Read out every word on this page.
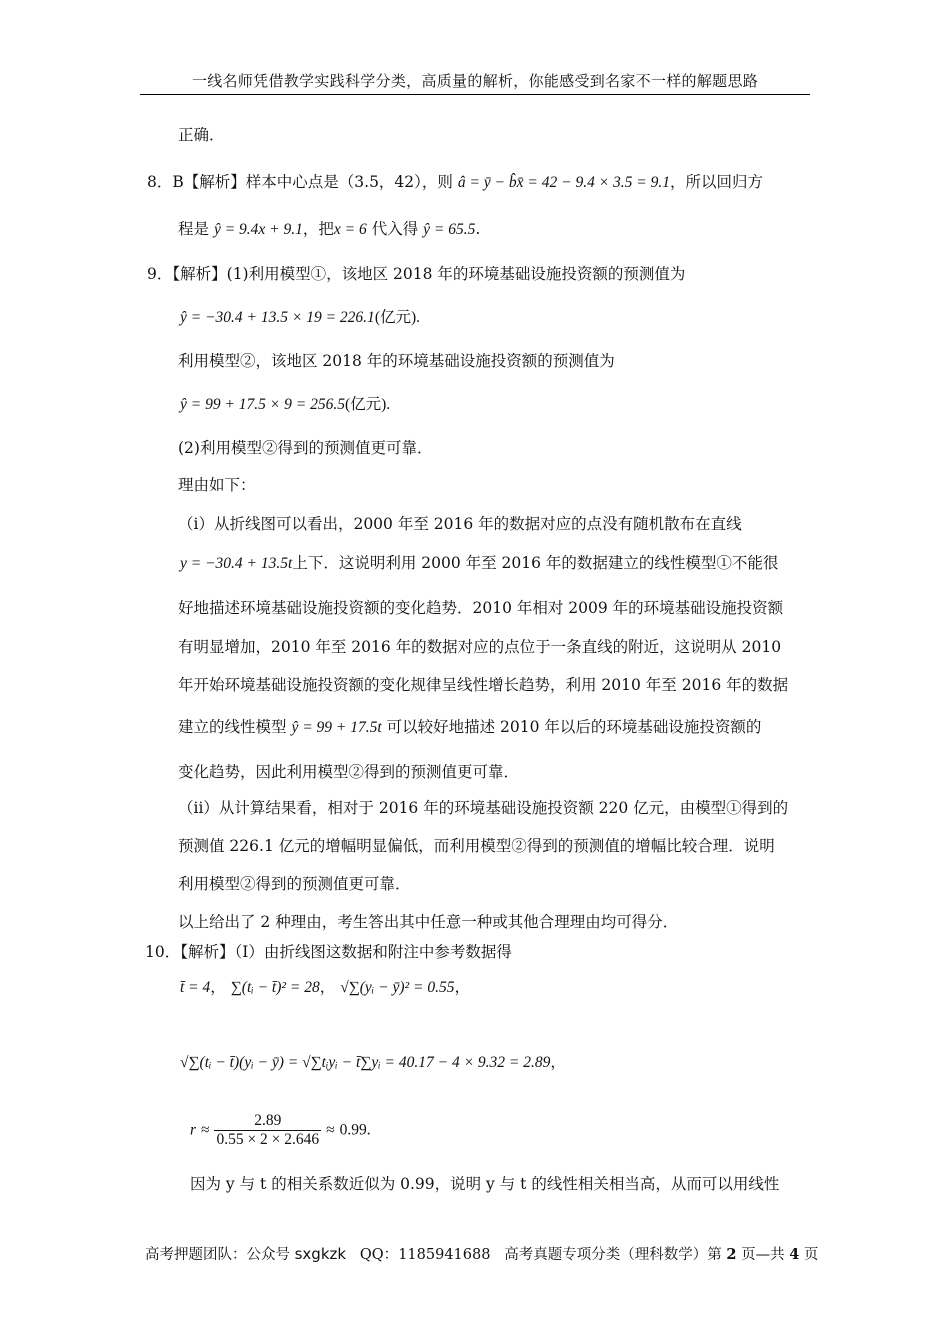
一线名师凭借教学实践科学分类，高质量的解析，你能感受到名家不一样的解题思路
正确．
8．B【解析】样本中心点是（3.5，42），则 â = ȳ − b̂x̄ = 42 − 9.4 × 3.5 = 9.1，所以回归方
程是 ŷ = 9.4x + 9.1，把x = 6 代入得 ŷ = 65.5.
9．【解析】(1)利用模型①，该地区 2018 年的环境基础设施投资额的预测值为
ŷ = −30.4 + 13.5 × 19 = 226.1(亿元).
利用模型②，该地区 2018 年的环境基础设施投资额的预测值为
ŷ = 99 + 17.5 × 9 = 256.5(亿元).
(2)利用模型②得到的预测值更可靠．
理由如下：
（i）从折线图可以看出，2000 年至 2016 年的数据对应的点没有随机散布在直线
y = −30.4 + 13.5t上下．这说明利用 2000 年至 2016 年的数据建立的线性模型①不能很
好地描述环境基础设施投资额的变化趋势．2010 年相对 2009 年的环境基础设施投资额
有明显增加，2010 年至 2016 年的数据对应的点位于一条直线的附近，这说明从 2010
年开始环境基础设施投资额的变化规律呈线性增长趋势，利用 2010 年至 2016 年的数据
建立的线性模型 ŷ = 99 + 17.5t 可以较好地描述 2010 年以后的环境基础设施投资额的
变化趋势，因此利用模型②得到的预测值更可靠．
（ii）从计算结果看，相对于 2016 年的环境基础设施投资额 220 亿元，由模型①得到的
预测值 226.1 亿元的增幅明显偏低，而利用模型②得到的预测值的增幅比较合理．说明
利用模型②得到的预测值更可靠．
以上给出了 2 种理由，考生答出其中任意一种或其他合理理由均可得分．
10．【解析】（Ⅰ）由折线图这数据和附注中参考数据得
t̄ = 4， ∑(tᵢ − t̄)² = 28， √∑(yᵢ − ȳ)² = 0.55，
√∑(tᵢ − t̄)(yᵢ − ȳ) = √∑tᵢyᵢ − t̄∑yᵢ = 40.17 − 4 × 9.32 = 2.89，
$r \approx \frac{2.89}{0.55 \times 2 \times 2.646} \approx 0.99$.
因为 y 与 t 的相关系数近似为 0.99，说明 y 与 t 的线性相关相当高，从而可以用线性
高考押题团队：公众号 sxgkzk QQ：1185941688 高考真题专项分类（理科数学）第 2 页—共 4 页
